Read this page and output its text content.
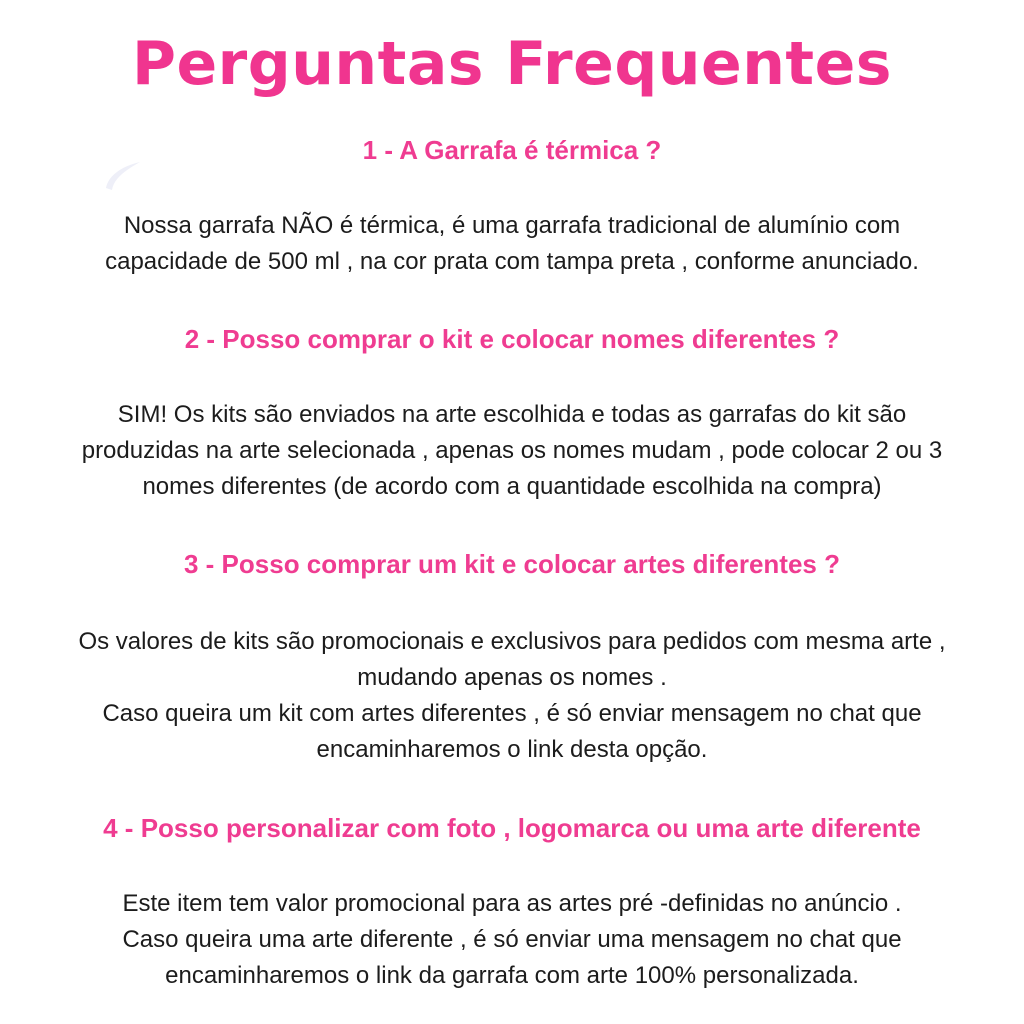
Perguntas Frequentes
1 - A Garrafa é térmica ?
Nossa garrafa NÃO é térmica, é uma garrafa tradicional de alumínio com
capacidade de 500 ml , na cor prata com tampa preta , conforme anunciado.
2 - Posso comprar o kit e colocar nomes diferentes ?
SIM! Os kits são enviados na arte escolhida e todas as garrafas do kit são
produzidas na arte selecionada , apenas os nomes mudam , pode colocar 2 ou 3
nomes diferentes (de acordo com a quantidade escolhida na compra)
3 - Posso comprar um kit e colocar artes diferentes ?
Os valores de kits são promocionais e exclusivos para pedidos com mesma arte ,
mudando apenas os nomes .
Caso queira um kit com artes diferentes , é só enviar mensagem no chat que
encaminharemos o link desta opção.
4 - Posso personalizar com foto , logomarca ou uma arte diferente
Este item tem valor promocional para as artes pré -definidas no anúncio .
Caso queira uma arte diferente , é só enviar uma mensagem no chat que
encaminharemos o link da garrafa com arte 100% personalizada.
